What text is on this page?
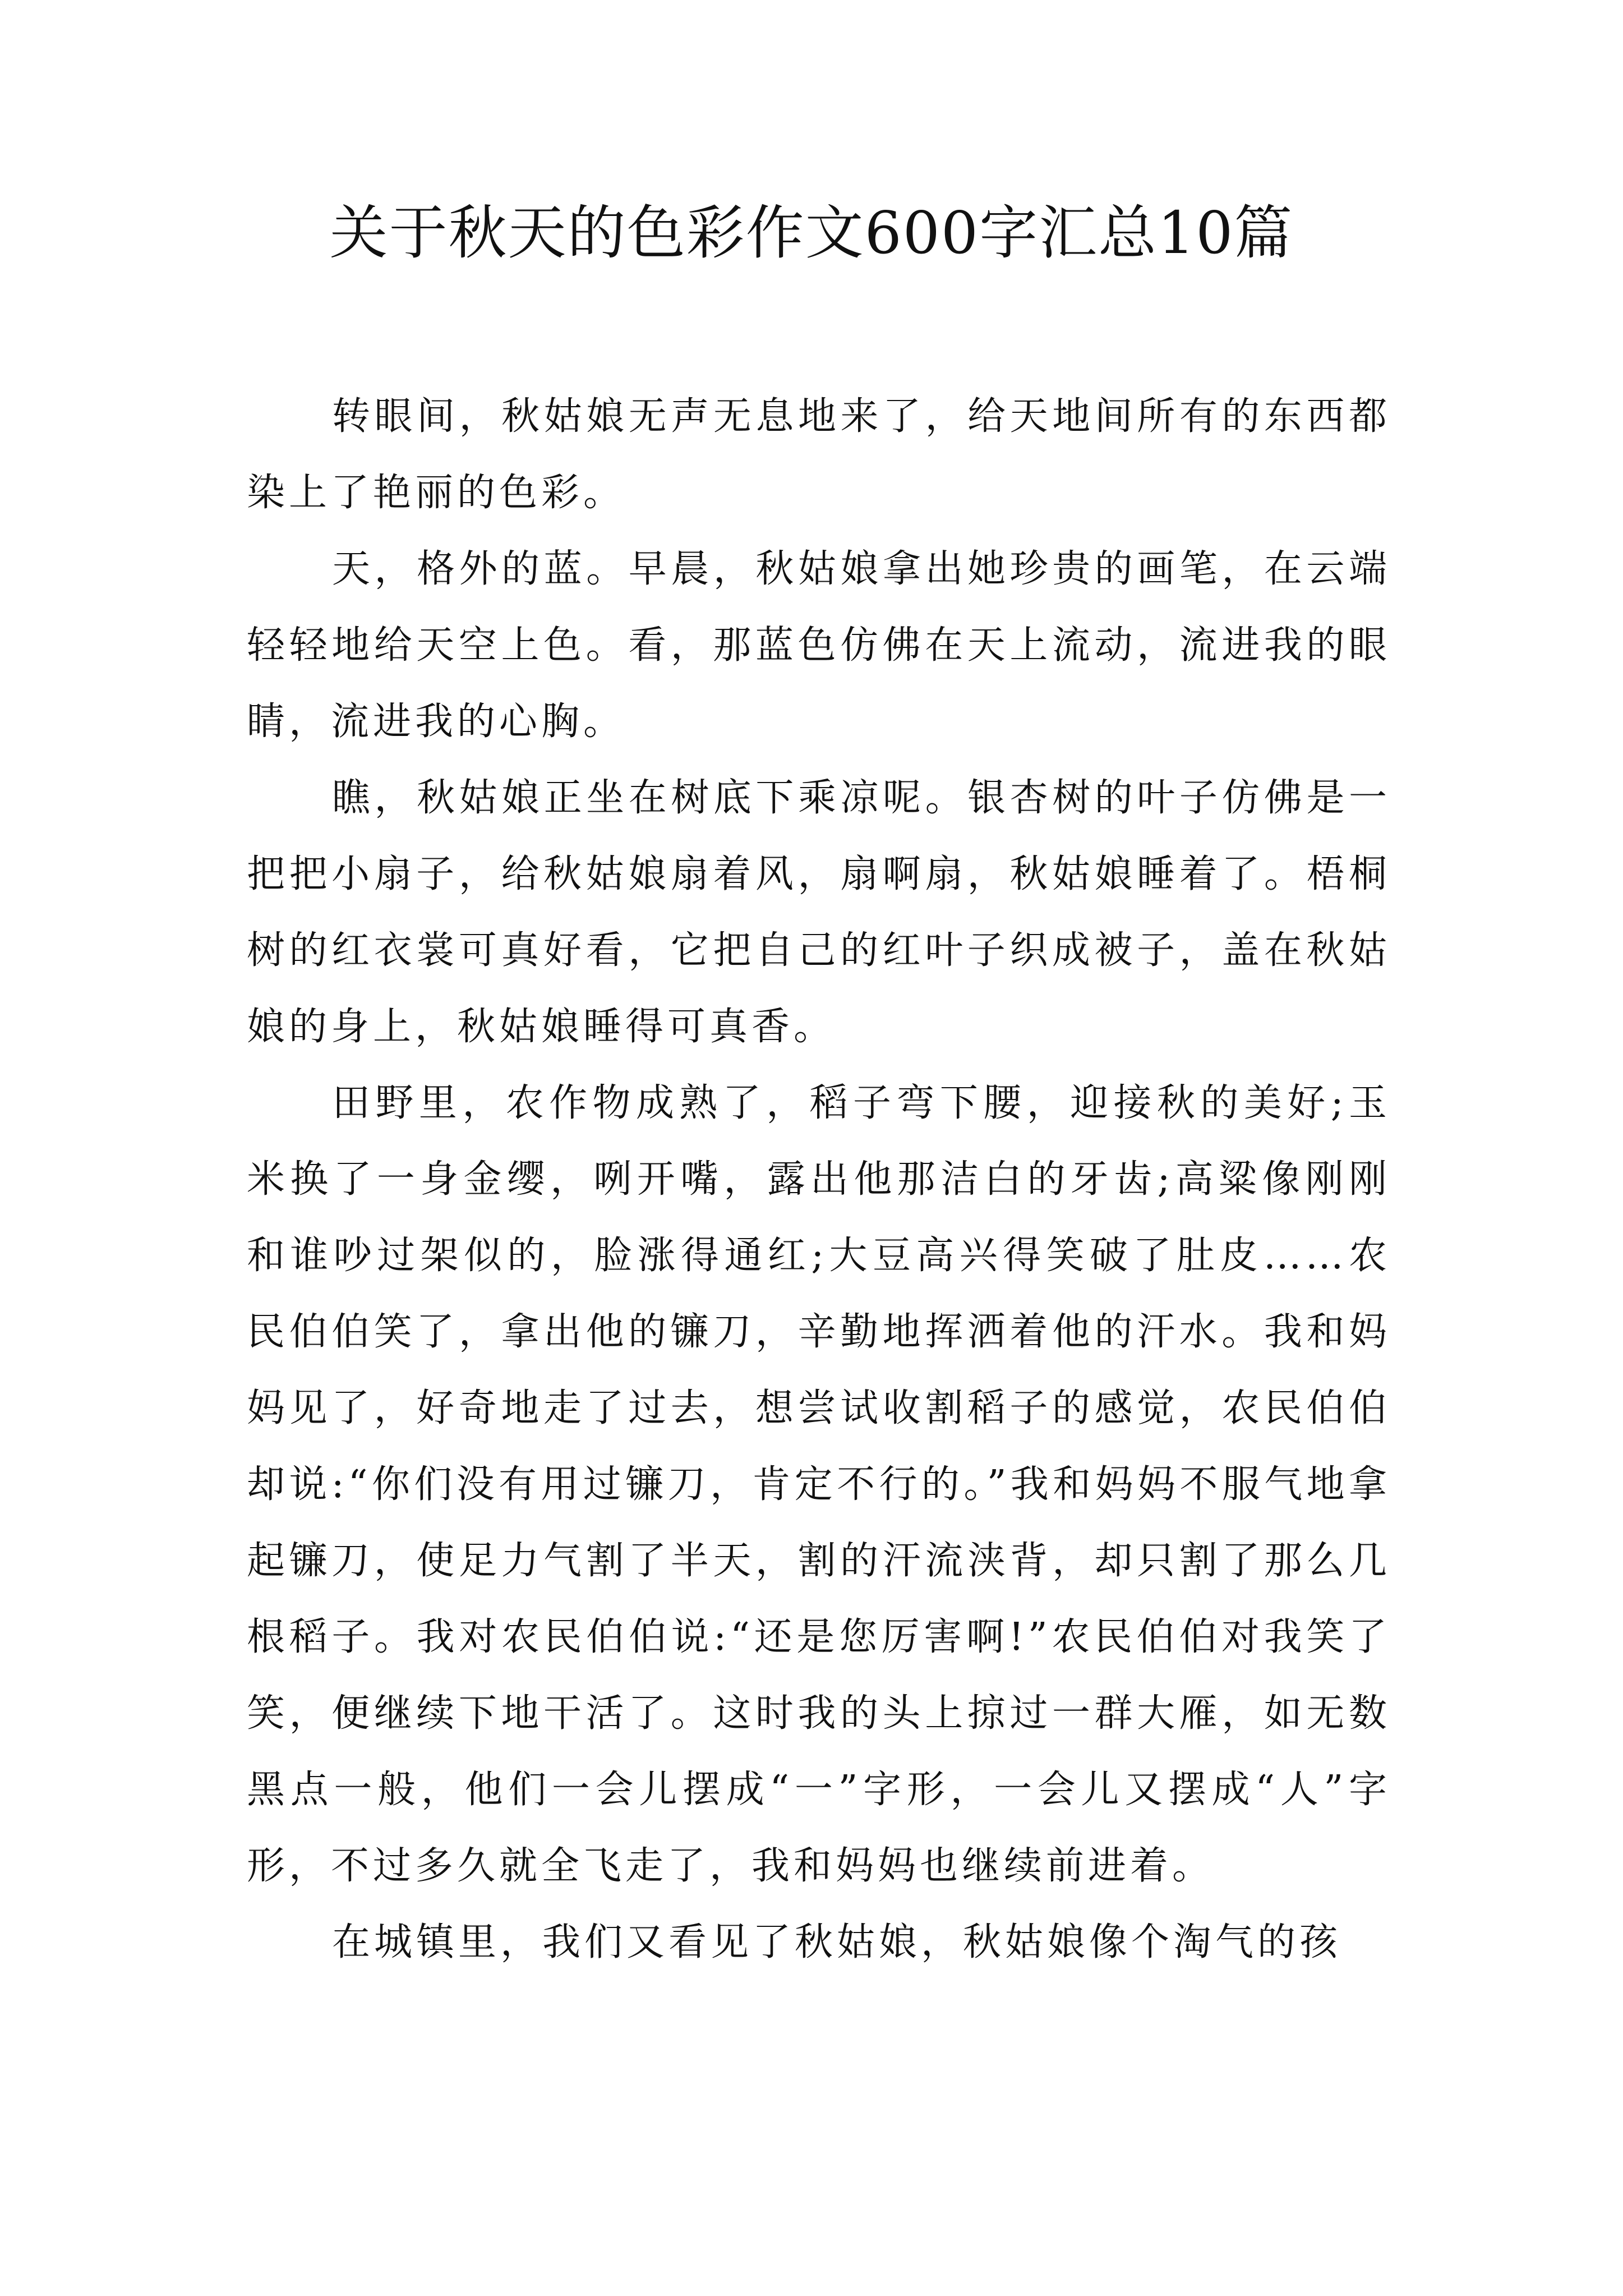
关于秋天的色彩作文600字汇总10篇

转眼间，秋姑娘无声无息地来了，给天地间所有的东西都染上了艳丽的色彩。

天，格外的蓝。早晨，秋姑娘拿出她珍贵的画笔，在云端轻轻地给天空上色。看，那蓝色仿佛在天上流动，流进我的眼睛，流进我的心胸。

瞧，秋姑娘正坐在树底下乘凉呢。银杏树的叶子仿佛是一把把小扇子，给秋姑娘扇着风，扇啊扇，秋姑娘睡着了。梧桐树的红衣裳可真好看，它把自己的红叶子织成被子，盖在秋姑娘的身上，秋姑娘睡得可真香。

田野里，农作物成熟了，稻子弯下腰，迎接秋的美好;玉米换了一身金缨，咧开嘴，露出他那洁白的牙齿;高粱像刚刚和谁吵过架似的，脸涨得通红;大豆高兴得笑破了肚皮……农民伯伯笑了，拿出他的镰刀，辛勤地挥洒着他的汗水。我和妈妈见了，好奇地走了过去，想尝试收割稻子的感觉，农民伯伯却说:“你们没有用过镰刀，肯定不行的。”我和妈妈不服气地拿起镰刀，使足力气割了半天，割的汗流浃背，却只割了那么几根稻子。我对农民伯伯说:“还是您厉害啊!”农民伯伯对我笑了笑，便继续下地干活了。这时我的头上掠过一群大雁，如无数黑点一般，他们一会儿摆成“一”字形，一会儿又摆成“人”字形，不过多久就全飞走了，我和妈妈也继续前进着。

在城镇里，我们又看见了秋姑娘，秋姑娘像个淘气的孩
